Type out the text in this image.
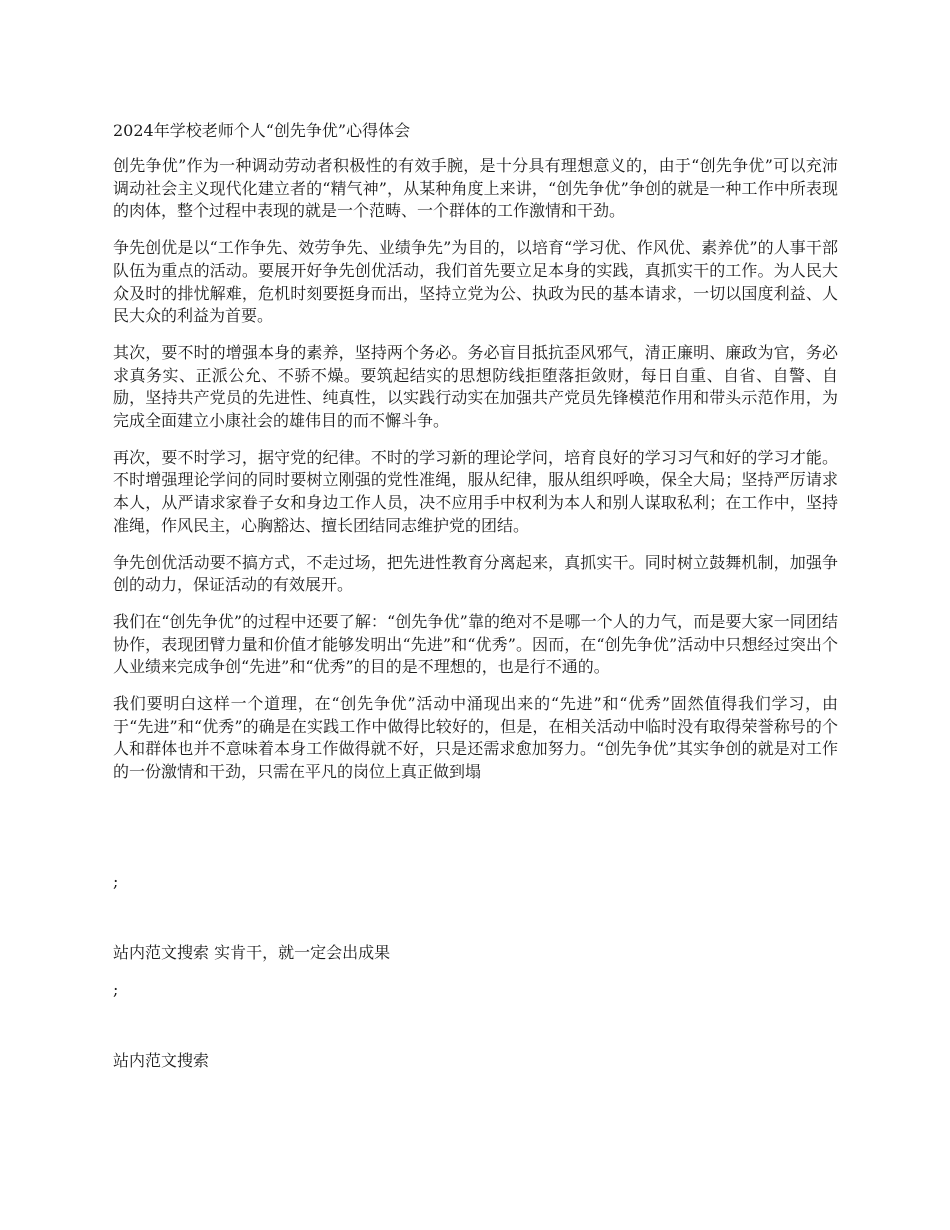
2024年学校老师个人“创先争优”心得体会

创先争优”作为一种调动劳动者积极性的有效手腕，是十分具有理想意义的，由于“创先争优”可以充沛调动社会主义现代化建立者的“精气神”，从某种角度上来讲，“创先争优”争创的就是一种工作中所表现的肉体，整个过程中表现的就是一个范畴、一个群体的工作激情和干劲。

争先创优是以“工作争先、效劳争先、业绩争先”为目的，以培育“学习优、作风优、素养优”的人事干部队伍为重点的活动。要展开好争先创优活动，我们首先要立足本身的实践，真抓实干的工作。为人民大众及时的排忧解难，危机时刻要挺身而出，坚持立党为公、执政为民的基本请求，一切以国度利益、人民大众的利益为首要。

其次，要不时的增强本身的素养，坚持两个务必。务必盲目抵抗歪风邪气，清正廉明、廉政为官，务必求真务实、正派公允、不骄不燥。要筑起结实的思想防线拒堕落拒敛财，每日自重、自省、自警、自励，坚持共产党员的先进性、纯真性，以实践行动实在加强共产党员先锋模范作用和带头示范作用，为完成全面建立小康社会的雄伟目的而不懈斗争。

再次，要不时学习，据守党的纪律。不时的学习新的理论学问，培育良好的学习习气和好的学习才能。不时增强理论学问的同时要树立刚强的党性准绳，服从纪律，服从组织呼唤，保全大局；坚持严厉请求本人，从严请求家眷子女和身边工作人员，决不应用手中权利为本人和别人谋取私利；在工作中，坚持准绳，作风民主，心胸豁达、擅长团结同志维护党的团结。

争先创优活动要不搞方式，不走过场，把先进性教育分离起来，真抓实干。同时树立鼓舞机制，加强争创的动力，保证活动的有效展开。

我们在“创先争优”的过程中还要了解：“创先争优”靠的绝对不是哪一个人的力气，而是要大家一同团结协作，表现团臂力量和价值才能够发明出“先进”和“优秀”。因而，在“创先争优”活动中只想经过突出个人业绩来完成争创“先进”和“优秀”的目的是不理想的，也是行不通的。

我们要明白这样一个道理，在“创先争优”活动中涌现出来的“先进”和“优秀”固然值得我们学习，由于“先进”和“优秀”的确是在实践工作中做得比较好的，但是，在相关活动中临时没有取得荣誉称号的个人和群体也并不意味着本身工作做得就不好，只是还需求愈加努力。“创先争优”其实争创的就是对工作的一份激情和干劲，只需在平凡的岗位上真正做到塌

;
站内范文搜索 实肯干，就一定会出成果
;
站内范文搜索
